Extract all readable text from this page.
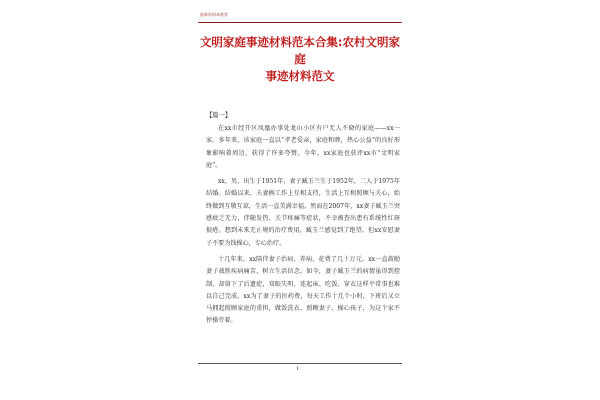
最新资料本推荐
文明家庭事迹材料范本合集:农村文明家庭
事迹材料范文
【篇一】

在xx市经开区凤凰办事处龙山小区有户无人不晓的家庭——xx一家。多年来，该家庭一直以“孝老爱亲，家庭和睦，热心公益”的良好形象影响着周边，获得了许多夸赞。今年，xx家庭也获评xx市“文明家庭”。

xx，男，出生于1951年，妻子臧玉兰生于1952年，二人于1975年结婚。结婚以来，夫妻俩工作上互相支持，生活上互相照顾与关心，始终做到互敬互谅，生活一直美满幸福。然而在2007年，xx妻子臧玉兰突感疲乏无力，伴随发热、关节疼痛等症状，不幸被查出患有系统性红斑狼疮。想到未来无止境的治疗费用，臧玉兰感觉到了绝望。但xx安慰妻子不要为钱操心，专心治疗。

十几年来，xx陪伴妻子治病、养病，花费了几十万元。xx一直鼓励妻子战胜疾病痛苦，树立生活信念。如今，妻子臧玉兰的病情虽得到控制，却留下了后遗症，双眼失明，连起床、吃饭、穿衣这样平常事也难以自己完成。xx为了妻子的医药费，每天工作十几个小时，下班后又立马拥起照顾家庭的重担，做饭洗衣、照顾妻子、操心孩子，为这个家不停操劳着。

1
